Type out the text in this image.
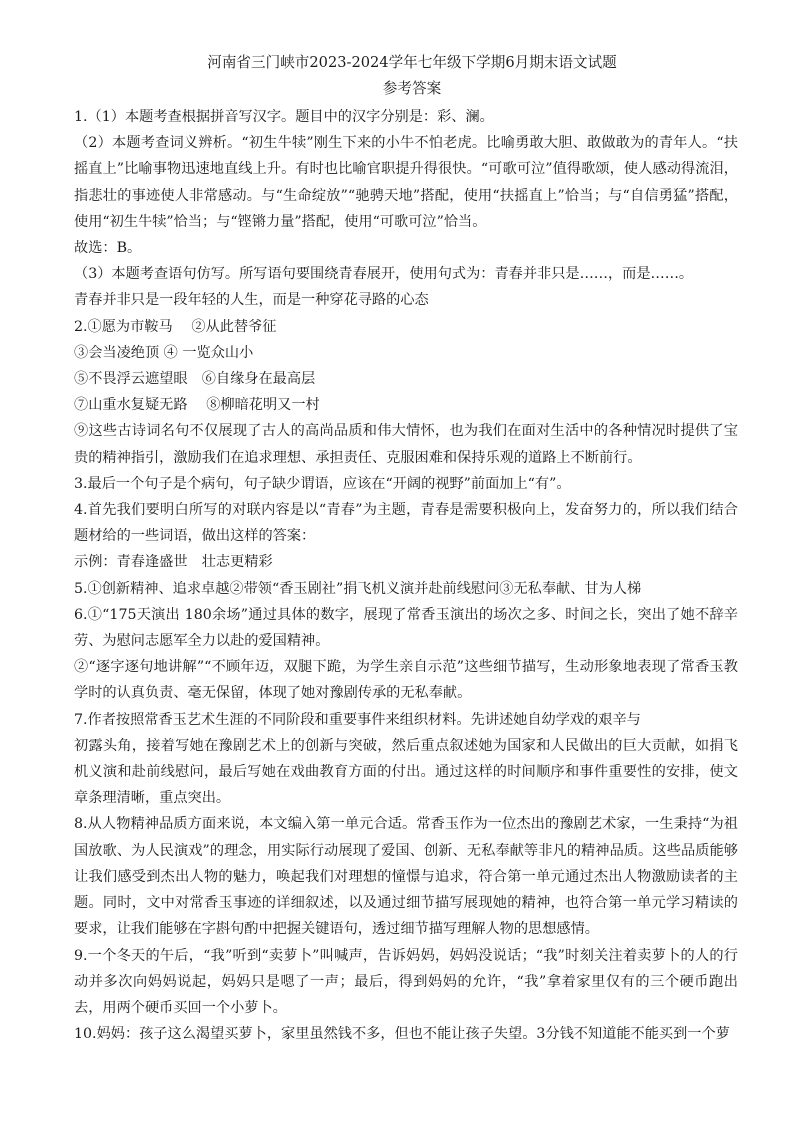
河南省三门峡市2023-2024学年七年级下学期6月期末语文试题

参考答案

1.（1）本题考查根据拼音写汉字。题目中的汉字分别是：彩、澜。

（2）本题考查词义辨析。“初生牛犊”刚生下来的小牛不怕老虎。比喻勇敢大胆、敢做敢为的青年人。“扶摇直上”比喻事物迅速地直线上升。有时也比喻官职提升得很快。“可歌可泣”值得歌颂，使人感动得流泪，指悲壮的事迹使人非常感动。与“生命绽放”“驰骋天地”搭配，使用“扶摇直上”恰当；与“自信勇猛”搭配，使用“初生牛犊”恰当；与“铿锵力量”搭配，使用“可歌可泣”恰当。

故选：B。

（3）本题考查语句仿写。所写语句要围绕青春展开，使用句式为：青春并非只是……，而是……。

青春并非只是一段年轻的人生，而是一种穿花寻路的心态

2.①愿为市鞍马　 ②从此替爷征

③会当凌绝顶 ④ 一览众山小

⑤不畏浮云遮望眼　⑥自缘身在最高层

⑦山重水复疑无路　 ⑧柳暗花明又一村

⑨这些古诗词名句不仅展现了古人的高尚品质和伟大情怀，也为我们在面对生活中的各种情况时提供了宝贵的精神指引，激励我们在追求理想、承担责任、克服困难和保持乐观的道路上不断前行。

3.最后一个句子是个病句，句子缺少谓语，应该在“开阔的视野”前面加上“有”。

4.首先我们要明白所写的对联内容是以“青春”为主题，青春是需要积极向上，发奋努力的，所以我们结合题材给的一些词语，做出这样的答案：

示例：青春逢盛世　壮志更精彩

5.①创新精神、追求卓越②带领“香玉剧社”捐飞机义演并赴前线慰问③无私奉献、甘为人梯

6.①“175天演出 180余场”通过具体的数字，展现了常香玉演出的场次之多、时间之长，突出了她不辞辛劳、为慰问志愿军全力以赴的爱国精神。

②“逐字逐句地讲解”“不顾年迈，双腿下跪，为学生亲自示范”这些细节描写，生动形象地表现了常香玉教学时的认真负责、毫无保留，体现了她对豫剧传承的无私奉献。

7.作者按照常香玉艺术生涯的不同阶段和重要事件来组织材料。先讲述她自幼学戏的艰辛与

初露头角，接着写她在豫剧艺术上的创新与突破，然后重点叙述她为国家和人民做出的巨大贡献，如捐飞机义演和赴前线慰问，最后写她在戏曲教育方面的付出。通过这样的时间顺序和事件重要性的安排，使文章条理清晰，重点突出。

8.从人物精神品质方面来说，本文编入第一单元合适。常香玉作为一位杰出的豫剧艺术家，一生秉持“为祖国放歌、为人民演戏”的理念，用实际行动展现了爱国、创新、无私奉献等非凡的精神品质。这些品质能够让我们感受到杰出人物的魅力，唤起我们对理想的憧憬与追求，符合第一单元通过杰出人物激励读者的主题。同时，文中对常香玉事迹的详细叙述，以及通过细节描写展现她的精神，也符合第一单元学习精读的要求，让我们能够在字斟句酌中把握关键语句，透过细节描写理解人物的思想感情。

9.一个冬天的午后，“我”听到“卖萝卜”叫喊声，告诉妈妈，妈妈没说话；“我”时刻关注着卖萝卜的人的行动并多次向妈妈说起，妈妈只是嗯了一声；最后，得到妈妈的允许，“我”拿着家里仅有的三个硬币跑出去，用两个硬币买回一个小萝卜。

10.妈妈：孩子这么渴望买萝卜，家里虽然钱不多，但也不能让孩子失望。3分钱不知道能不能买到一个萝
